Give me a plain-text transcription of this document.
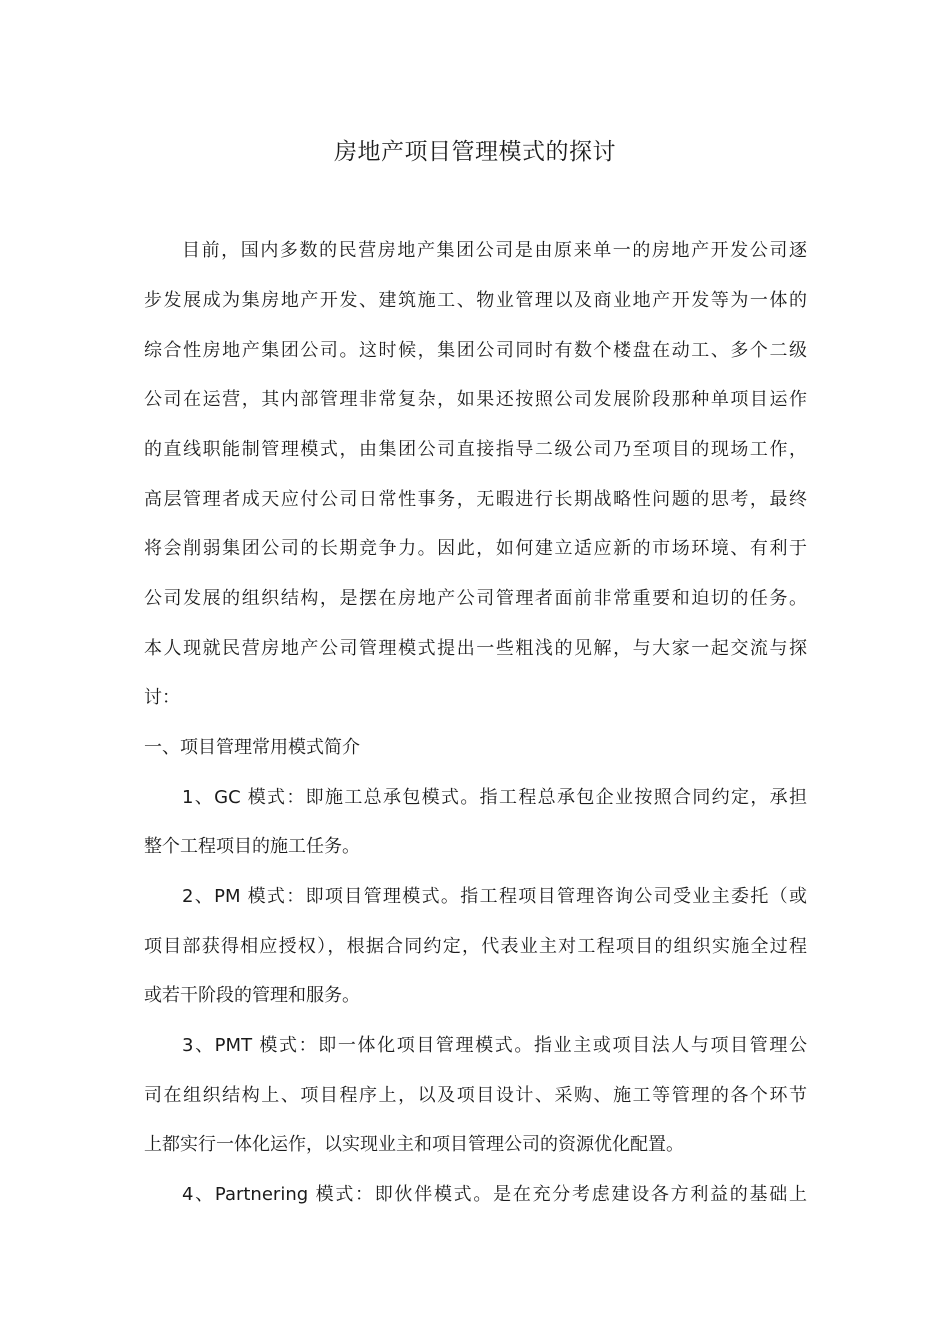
房地产项目管理模式的探讨
目前，国内多数的民营房地产集团公司是由原来单一的房地产开发公司逐
步发展成为集房地产开发、建筑施工、物业管理以及商业地产开发等为一体的
综合性房地产集团公司。这时候，集团公司同时有数个楼盘在动工、多个二级
公司在运营，其内部管理非常复杂，如果还按照公司发展阶段那种单项目运作
的直线职能制管理模式，由集团公司直接指导二级公司乃至项目的现场工作，
高层管理者成天应付公司日常性事务，无暇进行长期战略性问题的思考，最终
将会削弱集团公司的长期竞争力。因此，如何建立适应新的市场环境、有利于
公司发展的组织结构，是摆在房地产公司管理者面前非常重要和迫切的任务。
本人现就民营房地产公司管理模式提出一些粗浅的见解，与大家一起交流与探
讨：
一、项目管理常用模式简介
1、GC 模式：即施工总承包模式。指工程总承包企业按照合同约定，承担
整个工程项目的施工任务。
2、PM 模式：即项目管理模式。指工程项目管理咨询公司受业主委托（或
项目部获得相应授权），根据合同约定，代表业主对工程项目的组织实施全过程
或若干阶段的管理和服务。
3、PMT 模式：即一体化项目管理模式。指业主或项目法人与项目管理公
司在组织结构上、项目程序上，以及项目设计、采购、施工等管理的各个环节
上都实行一体化运作，以实现业主和项目管理公司的资源优化配置。
4、Partnering 模式：即伙伴模式。是在充分考虑建设各方利益的基础上
